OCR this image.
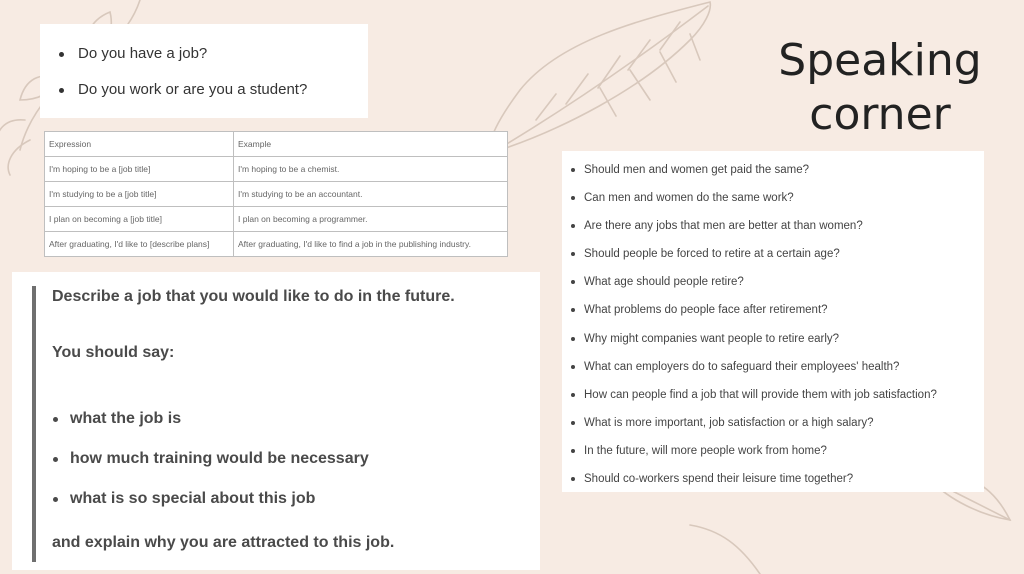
Speaking
corner
Do you have a job?
Do you work or are you a student?
Expression	Example
I'm hoping to be a [job title]	I'm hoping to be a chemist.
I'm studying to be a [job title]	I'm studying to be an accountant.
I plan on becoming a [job title]	I plan on becoming a programmer.
After graduating, I'd like to [describe plans]	After graduating, I'd like to find a job in the publishing industry.
Describe a job that you would like to do in the future.
You should say:
what the job is
how much training would be necessary
what is so special about this job
and explain why you are attracted to this job.
Should men and women get paid the same?
Can men and women do the same work?
Are there any jobs that men are better at than women?
Should people be forced to retire at a certain age?
What age should people retire?
What problems do people face after retirement?
Why might companies want people to retire early?
What can employers do to safeguard their employees' health?
How can people find a job that will provide them with job satisfaction?
What is more important, job satisfaction or a high salary?
In the future, will more people work from home?
Should co-workers spend their leisure time together?
